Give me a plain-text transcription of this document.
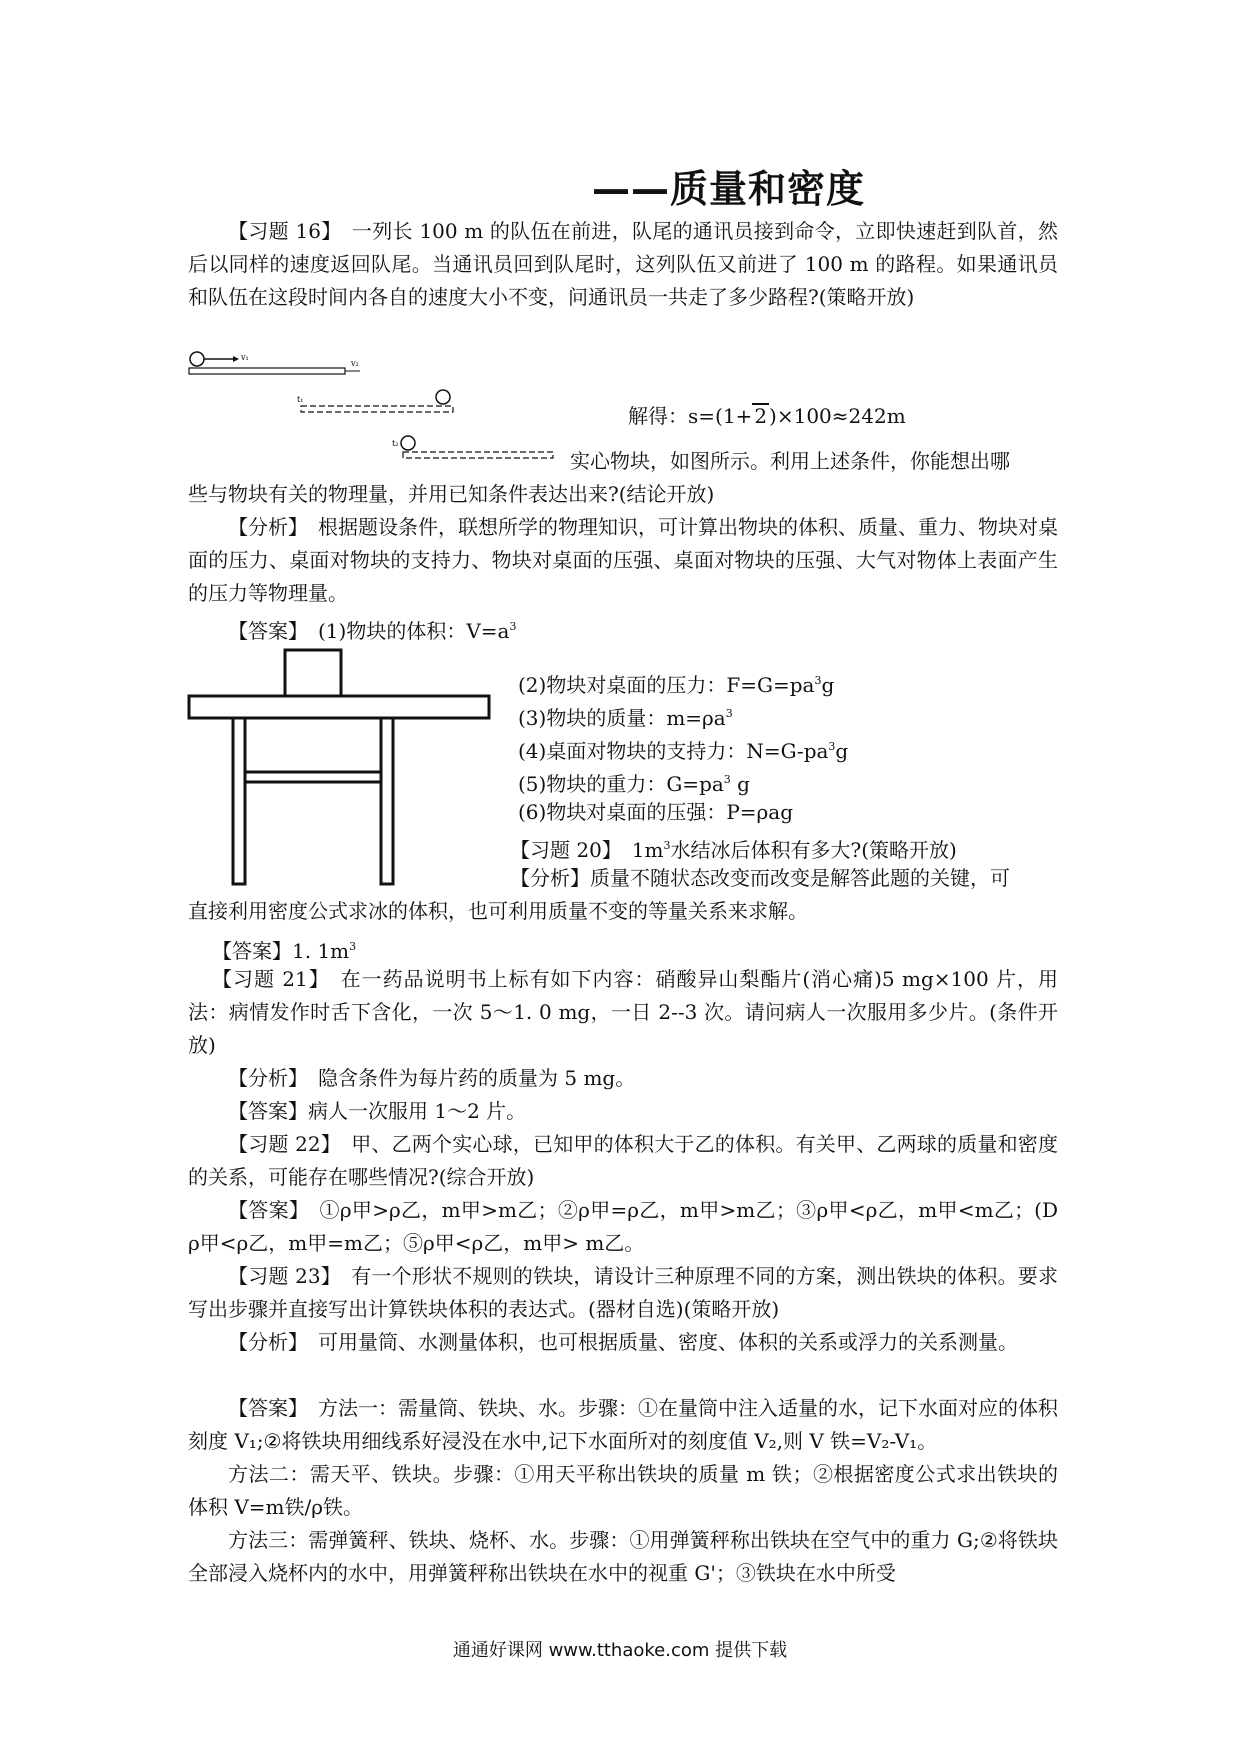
——质量和密度
【习题 16】　一列长 100 m 的队伍在前进，队尾的通讯员接到命令，立即快速赶到队首，然后以同样的速度返回队尾。当通讯员回到队尾时，这列队伍又前进了 100 m 的路程。如果通讯员和队伍在这段时间内各自的速度大小不变，问通讯员一共走了多少路程?(策略开放)
v₁
v₂
t₁
t₂
解得：s=(1+ 2 )×100≈242m
实心物块，如图所示。利用上述条件，你能想出哪
些与物块有关的物理量，并用已知条件表达出来?(结论开放)
【分析】　根据题设条件，联想所学的物理知识，可计算出物块的体积、质量、重力、物块对桌面的压力、桌面对物块的支持力、物块对桌面的压强、桌面对物块的压强、大气对物体上表面产生的压力等物理量。
【答案】　(1)物块的体积：$V=a^3$
(2)物块对桌面的压力：$F=G=pa^3g$
(3)物块的质量：$m=\rho a^3$
(4)桌面对物块的支持力：$N=G-pa^3g$
(5)物块的重力：$G=pa^3$ g
(6)物块对桌面的压强：P=ρag
【习题 20】　$1m^3$水结冰后体积有多大?(策略开放)
【分析】质量不随状态改变而改变是解答此题的关键，可
直接利用密度公式求冰的体积，也可利用质量不变的等量关系来求解。
【答案】1. $1m^3$
【习题 21】　在一药品说明书上标有如下内容：硝酸异山梨酯片(消心痛)5 mg×100 片，用法：病情发作时舌下含化，一次 5～1. 0 mg，一日 2--3 次。请问病人一次服用多少片。(条件开放)
【分析】　隐含条件为每片药的质量为 5 mg。
【答案】病人一次服用 1～2 片。
【习题 22】　甲、乙两个实心球，已知甲的体积大于乙的体积。有关甲、乙两球的质量和密度的关系，可能存在哪些情况?(综合开放)
【答案】　①ρ甲>ρ乙，m甲>m乙；②ρ甲=ρ乙，m甲>m乙；③ρ甲<ρ乙，m甲<m乙；(D ρ甲<ρ乙，m甲=m乙；⑤ρ甲<ρ乙，m甲> m乙。
【习题 23】　有一个形状不规则的铁块，请设计三种原理不同的方案，测出铁块的体积。要求写出步骤并直接写出计算铁块体积的表达式。(器材自选)(策略开放)
【分析】　可用量筒、水测量体积，也可根据质量、密度、体积的关系或浮力的关系测量。
【答案】　方法一：需量筒、铁块、水。步骤：①在量筒中注入适量的水，记下水面对应的体积刻度 V₁;②将铁块用细线系好浸没在水中,记下水面所对的刻度值 V₂,则 V 铁=V₂-V₁。
方法二：需天平、铁块。步骤：①用天平称出铁块的质量 m 铁；②根据密度公式求出铁块的体积 V=m铁/ρ铁。
方法三：需弹簧秤、铁块、烧杯、水。步骤：①用弹簧秤称出铁块在空气中的重力 G;②将铁块全部浸入烧杯内的水中，用弹簧秤称出铁块在水中的视重 G'；③铁块在水中所受
通通好课网 www.tthaoke.com 提供下载
